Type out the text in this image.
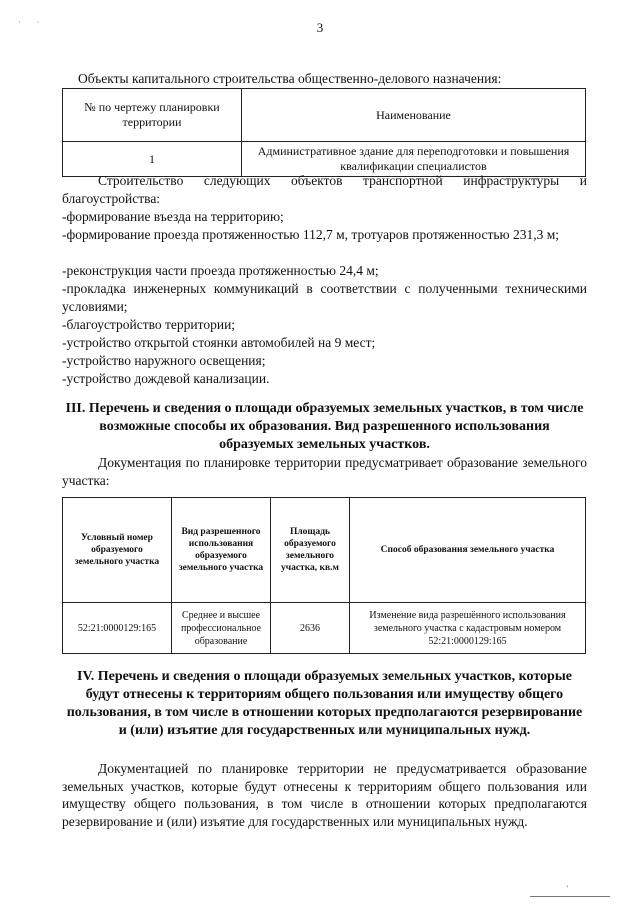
·        ·	3
Объекты капитального строительства общественно-делового назначения:
№ по чертежу планировки территории	Наименование
1	Административное здание для переподготовки и повышения квалификации специалистов
Строительство следующих объектов транспортной инфраструктуры и благоустройства:
-формирование въезда на территорию;
-формирование проезда протяженностью 112,7 м, тротуаров протяженностью 231,3 м;
-реконструкция части проезда протяженностью 24,4 м;
-прокладка инженерных коммуникаций в соответствии с полученными техническими условиями;
-благоустройство территории;
-устройство открытой стоянки автомобилей на 9 мест;
-устройство наружного освещения;
-устройство дождевой канализации.
III. Перечень и сведения о площади образуемых земельных участков, в том числе возможные способы их образования. Вид разрешенного использования образуемых земельных участков.
Документация по планировке территории предусматривает образование земельного участка:
Условный номер образуемого земельного участка	Вид разрешенного использования образуемого земельного участка	Площадь образуемого земельного участка, кв.м	Способ образования земельного участка
52:21:0000129:165	Среднее и высшее профессиональное образование	2636	Изменение вида разрешённого использования земельного участка с кадастровым номером 52:21:0000129:165
IV. Перечень и сведения о площади образуемых земельных участков, которые будут отнесены к территориям общего пользования или имуществу общего пользования, в том числе в отношении которых предполагаются резервирование и (или) изъятие для государственных или муниципальных нужд.
Документацией по планировке территории не предусматривается образование земельных участков, которые будут отнесены к территориям общего пользования или имуществу общего пользования, в том числе в отношении которых предполагаются резервирование и (или) изъятие для государственных или муниципальных нужд.
'
